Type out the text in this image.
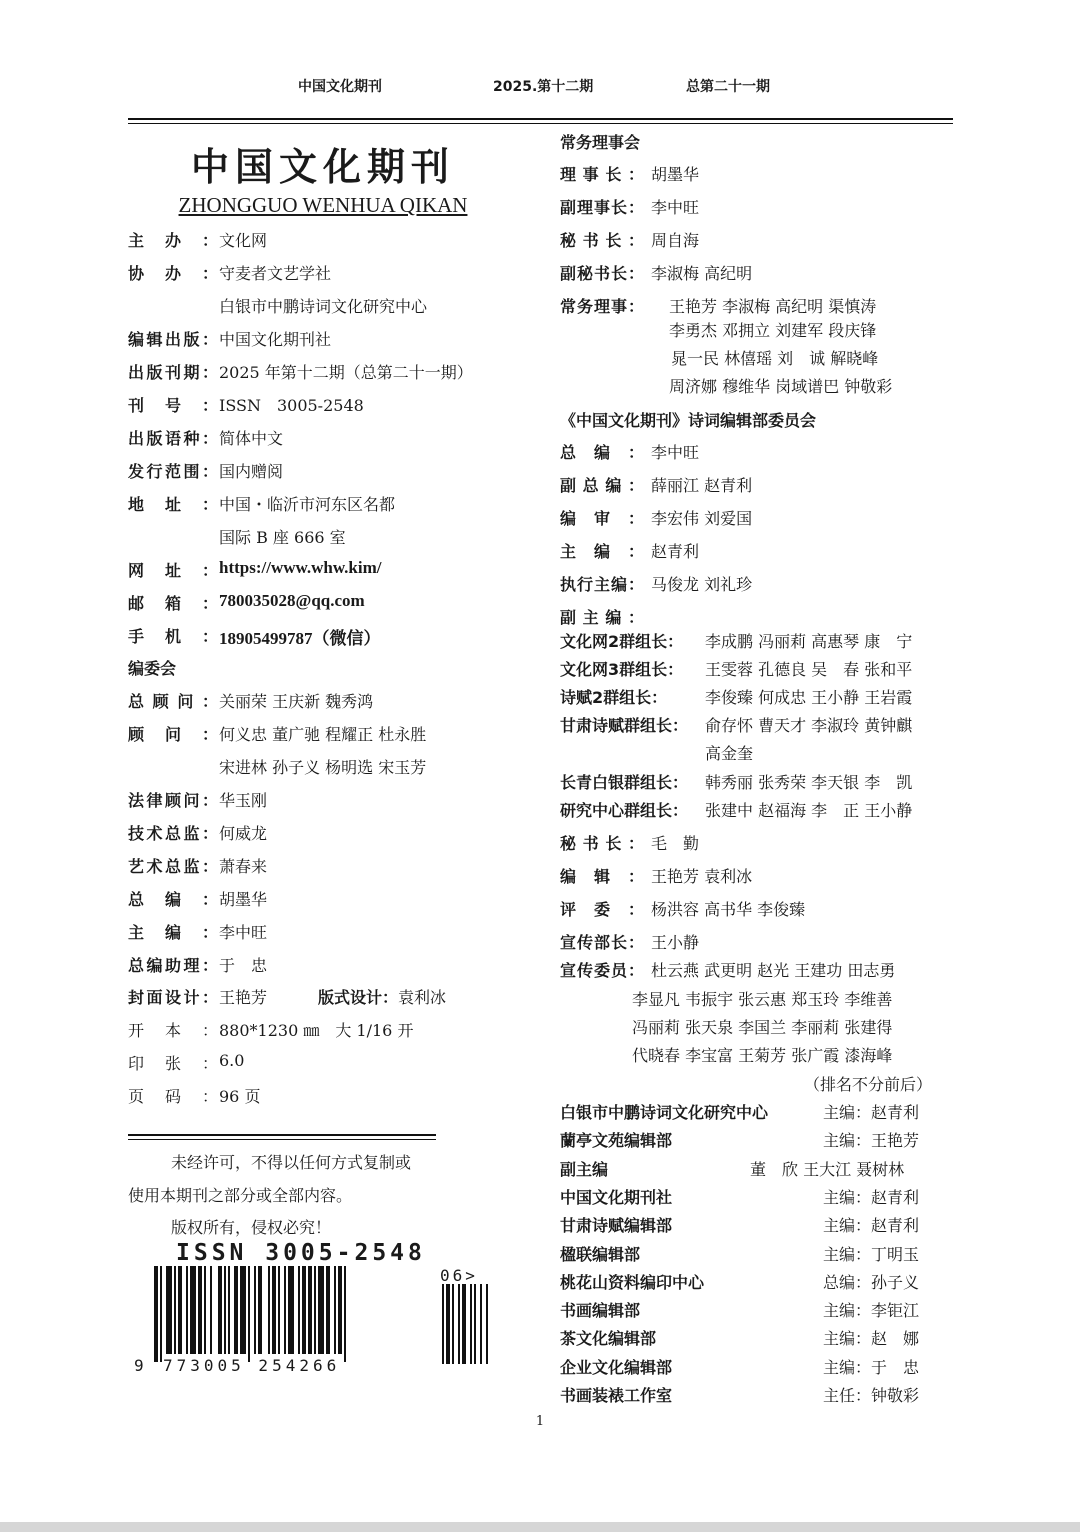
中国文化期刊	2025.第十二期	总第二十一期
中国文化期刊
ZHONGGUO WENHUA QIKAN
主 办 ： 文化网
协 办 ： 守麦者文艺学社
白银市中鹏诗词文化研究中心
编 辑 出 版 ： 中国文化期刊社
出 版 刊 期 ： 2025 年第十二期（总第二十一期）
刊 号 ： ISSN　3005-2548
出 版 语 种 ： 简体中文
发 行 范 围 ： 国内赠阅
地 址 ： 中国・临沂市河东区名都
国际 B 座 666 室
网 址 ： https://www.whw.kim/
邮 箱 ： 780035028@qq.com
手 机 ： 18905499787（微信）
编委会
总 顾 问 ： 关丽荣 王庆新 魏秀鸿
顾 问 ： 何义忠 董广驰 程耀正 杜永胜
宋进林 孙子义 杨明选 宋玉芳
法 律 顾 问 ： 华玉刚
技 术 总 监 ： 何威龙
艺 术 总 监 ： 萧春来
总 编 ： 胡墨华
主 编 ： 李中旺
总 编 助 理 ： 于　忠
封 面 设 计 ： 王艳芳	版式设计：袁利冰
开 本 ： 880*1230 ㎜　大 1/16 开
印 张 ： 6.0
页 码 ： 96 页
未经许可，不得以任何方式复制或
使用本期刊之部分或全部内容。
版权所有，侵权必究！
ISSN 3005-2548
9 773005 254266
06>
常务理事会
理 事 长 ： 胡墨华
副 理 事 长 ： 李中旺
秘 书 长 ： 周自海
副 秘 书 长 ： 李淑梅 高纪明
常 务 理 事 ： 王艳芳 李淑梅 高纪明 渠慎涛
李勇杰 邓拥立 刘建军 段庆锋
晁一民 林僖瑶 刘　诚 解晓峰
周济娜 穆维华 岗域谱巴 钟敬彩
《中国文化期刊》诗词编辑部委员会
总 编 ： 李中旺
副 总 编 ： 薛丽江 赵青利
编 审 ： 李宏伟 刘爱国
主 编 ： 赵青利
执 行 主 编 ： 马俊龙 刘礼珍
副 主 编 ：
文化网2群组长：	李成鹏 冯丽莉 高惠琴 康　宁
文化网3群组长：	王雯蓉 孔德良 吴　春 张和平
诗赋2群组长：	李俊臻 何成忠 王小静 王岩霞
甘肃诗赋群组长：	俞存怀 曹天才 李淑玲 黄钟麒
高金奎
长青白银群组长：	韩秀丽 张秀荣 李天银 李　凯
研究中心群组长：	张建中 赵福海 李　正 王小静
秘 书 长 ： 毛　勤
编 辑 ： 王艳芳 袁利冰
评 委 ： 杨洪容 高书华 李俊臻
宣 传 部 长 ： 王小静
宣 传 委 员 ： 杜云燕 武更明 赵光 王建功 田志勇
李显凡 韦振宇 张云惠 郑玉玲 李维善
冯丽莉 张天泉 李国兰 李丽莉 张建得
代晓春 李宝富 王菊芳 张广霞 漆海峰
（排名不分前后）
白银市中鹏诗词文化研究中心	主编：赵青利
蘭亭文苑编辑部	主编：王艳芳
副主编	董　欣 王大江 聂树林
中国文化期刊社	主编：赵青利
甘肃诗赋编辑部	主编：赵青利
楹联编辑部	主编：丁明玉
桃花山资料编印中心	总编：孙子义
书画编辑部	主编：李钜江
茶文化编辑部	主编：赵　娜
企业文化编辑部	主编：于　忠
书画装裱工作室	主任：钟敬彩
1
